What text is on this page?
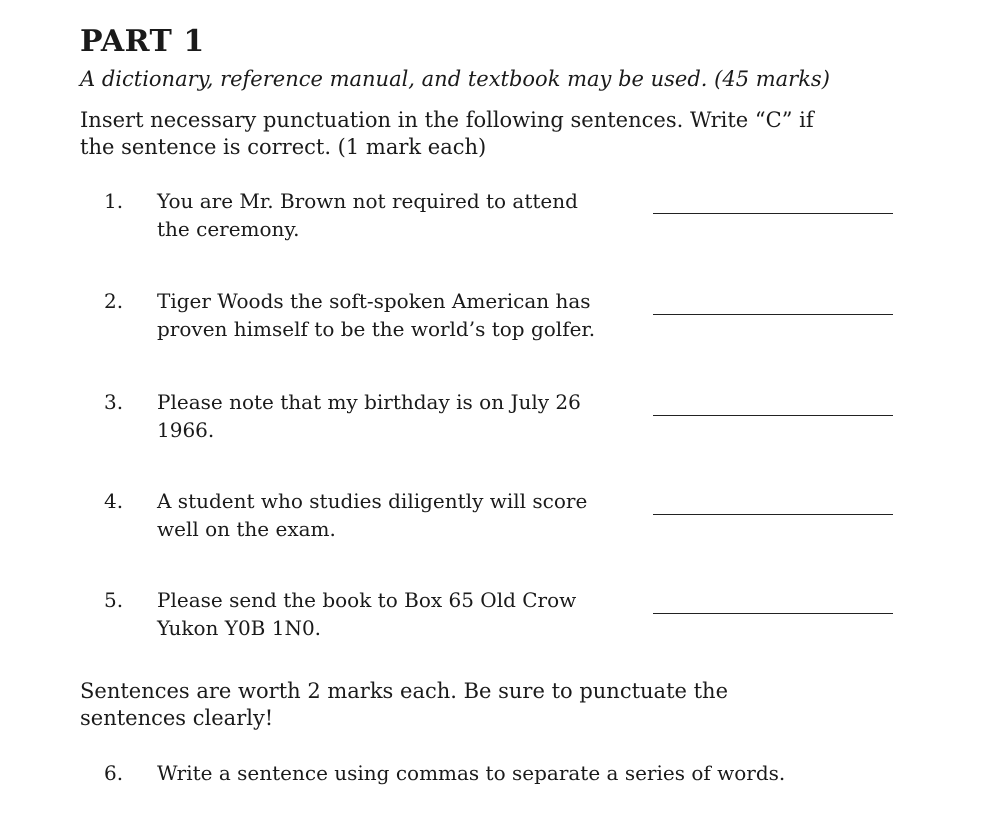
PART 1
A dictionary, reference manual, and textbook may be used. (45 marks)
Insert necessary punctuation in the following sentences. Write “C” if
the sentence is correct. (1 mark each)
1.	You are Mr. Brown not required to attend
the ceremony.
2.	Tiger Woods the soft-spoken American has
proven himself to be the world’s top golfer.
3.	Please note that my birthday is on July 26
1966.
4.	A student who studies diligently will score
well on the exam.
5.	Please send the book to Box 65 Old Crow
Yukon Y0B 1N0.
Sentences are worth 2 marks each. Be sure to punctuate the
sentences clearly!
6.	Write a sentence using commas to separate a series of words.
